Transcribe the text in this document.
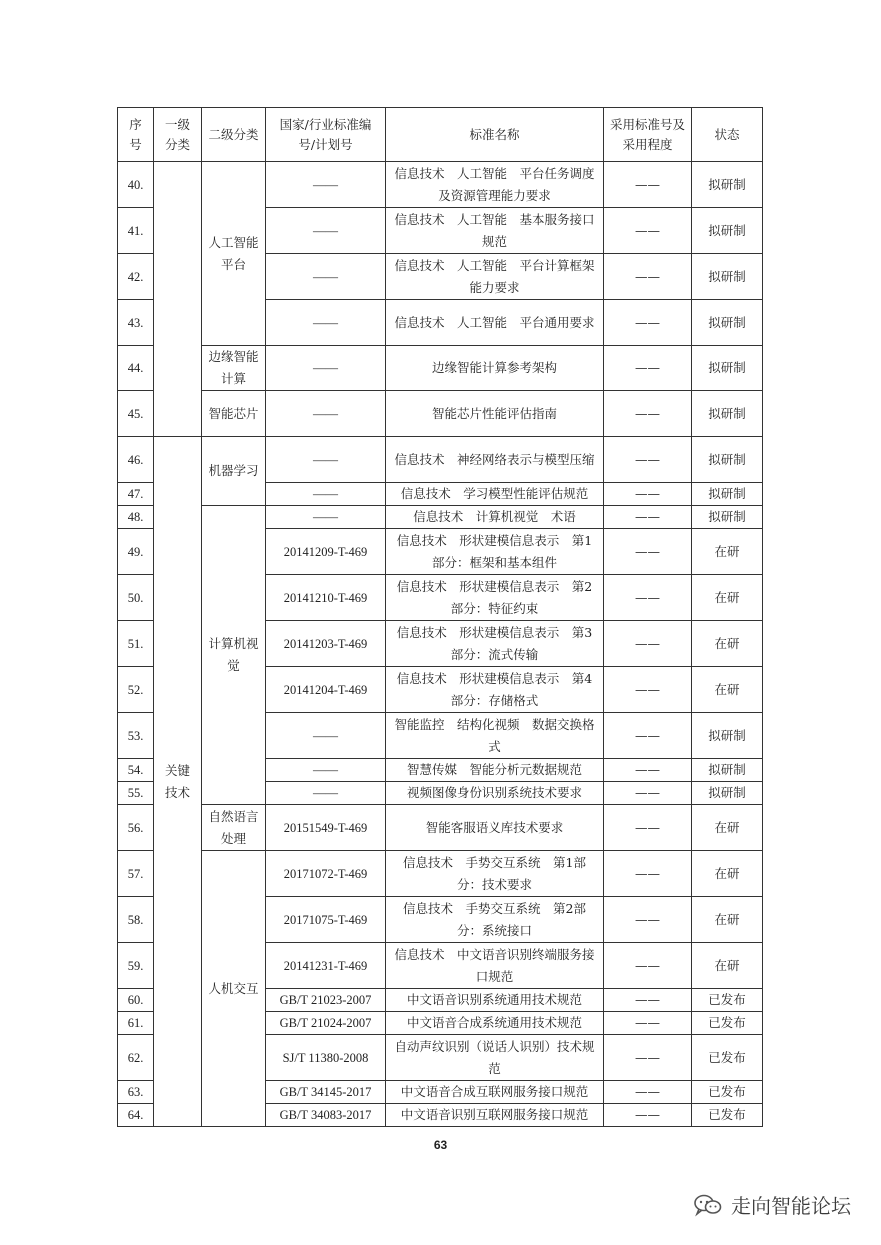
序号	一级分类	二级分类	国家/行业标准编号/计划号	标准名称	采用标准号及采用程度	状态
40.		人工智能平台	——	信息技术　人工智能　平台任务调度及资源管理能力要求	——	拟研制
41.			——	信息技术　人工智能　基本服务接口规范	——	拟研制
42.			——	信息技术　人工智能　平台计算框架能力要求	——	拟研制
43.			——	信息技术　人工智能　平台通用要求	——	拟研制
44.		边缘智能计算	——	边缘智能计算参考架构	——	拟研制
45.		智能芯片	——	智能芯片性能评估指南	——	拟研制
46.	关键技术	机器学习	——	信息技术　神经网络表示与模型压缩	——	拟研制
47.			——	信息技术　学习模型性能评估规范	——	拟研制
48.		计算机视觉	——	信息技术　计算机视觉　术语	——	拟研制
49.			20141209-T-469	信息技术　形状建模信息表示　第1部分：框架和基本组件	——	在研
50.			20141210-T-469	信息技术　形状建模信息表示　第2部分：特征约束	——	在研
51.			20141203-T-469	信息技术　形状建模信息表示　第3部分：流式传输	——	在研
52.			20141204-T-469	信息技术　形状建模信息表示　第4部分：存储格式	——	在研
53.			——	智能监控　结构化视频　数据交换格式	——	拟研制
54.			——	智慧传媒　智能分析元数据规范	——	拟研制
55.			——	视频图像身份识别系统技术要求	——	拟研制
56.		自然语言处理	20151549-T-469	智能客服语义库技术要求	——	在研
57.		人机交互	20171072-T-469	信息技术　手势交互系统　第1部分：技术要求	——	在研
58.			20171075-T-469	信息技术　手势交互系统　第2部分：系统接口	——	在研
59.			20141231-T-469	信息技术　中文语音识别终端服务接口规范	——	在研
60.			GB/T 21023-2007	中文语音识别系统通用技术规范	——	已发布
61.			GB/T 21024-2007	中文语音合成系统通用技术规范	——	已发布
62.			SJ/T 11380-2008	自动声纹识别（说话人识别）技术规范	——	已发布
63.			GB/T 34145-2017	中文语音合成互联网服务接口规范	——	已发布
64.			GB/T 34083-2017	中文语音识别互联网服务接口规范	——	已发布
63
走向智能论坛
